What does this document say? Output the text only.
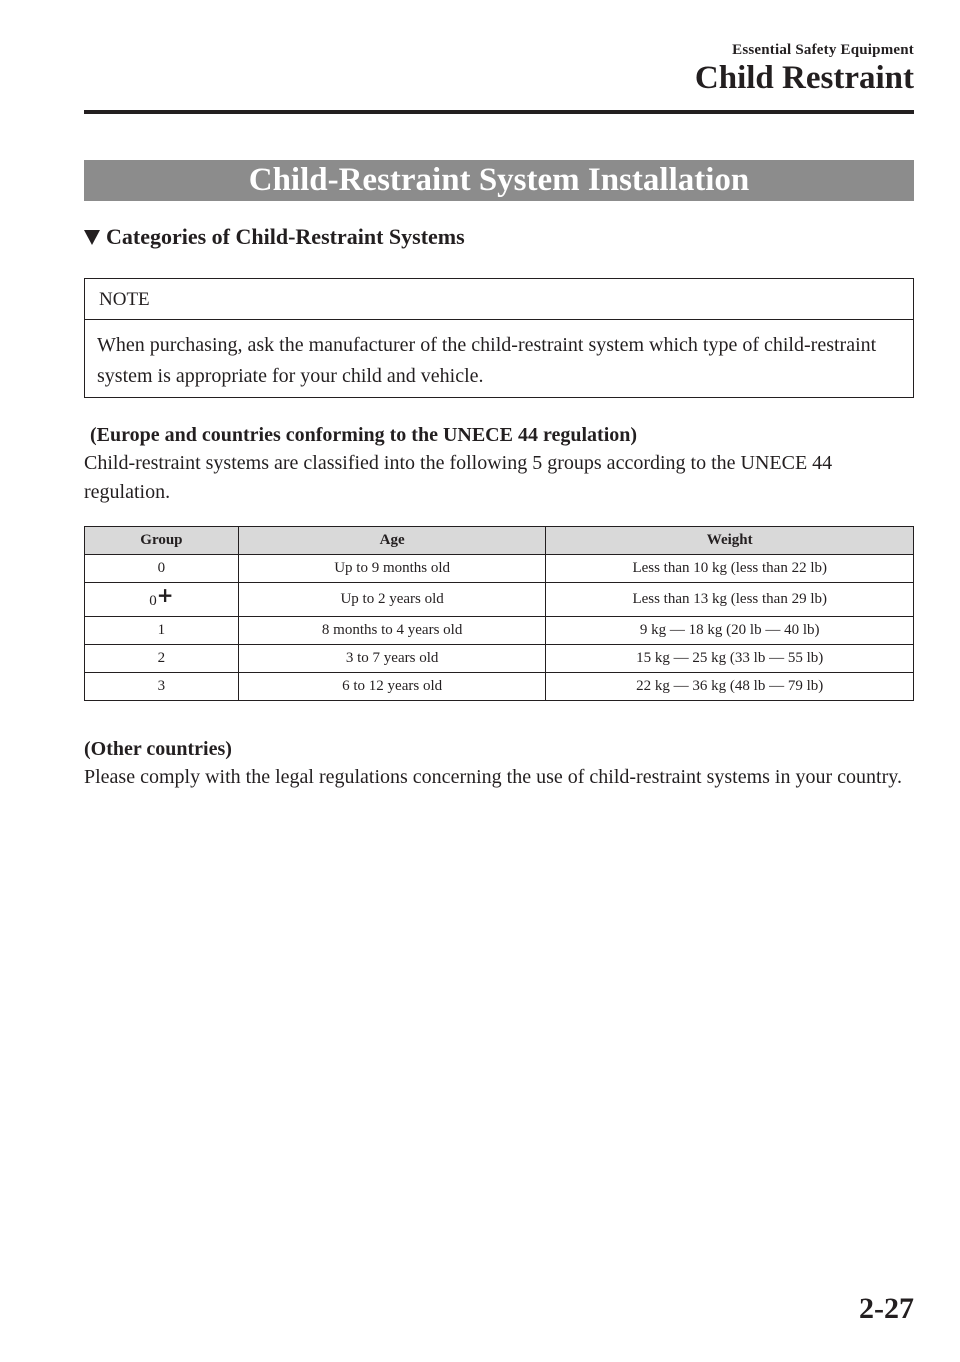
Essential Safety Equipment
Child Restraint
Child-Restraint System Installation
Categories of Child-Restraint Systems
NOTE
When purchasing, ask the manufacturer of the child-restraint system which type of child-restraint system is appropriate for your child and vehicle.
(Europe and countries conforming to the UNECE 44 regulation)
Child-restraint systems are classified into the following 5 groups according to the UNECE 44 regulation.
Group	Age	Weight
0	Up to 9 months old	Less than 10 kg (less than 22 lb)
0+	Up to 2 years old	Less than 13 kg (less than 29 lb)
1	8 months to 4 years old	9 kg — 18 kg (20 lb — 40 lb)
2	3 to 7 years old	15 kg — 25 kg (33 lb — 55 lb)
3	6 to 12 years old	22 kg — 36 kg (48 lb — 79 lb)
(Other countries)
Please comply with the legal regulations concerning the use of child-restraint systems in your country.
2-27
